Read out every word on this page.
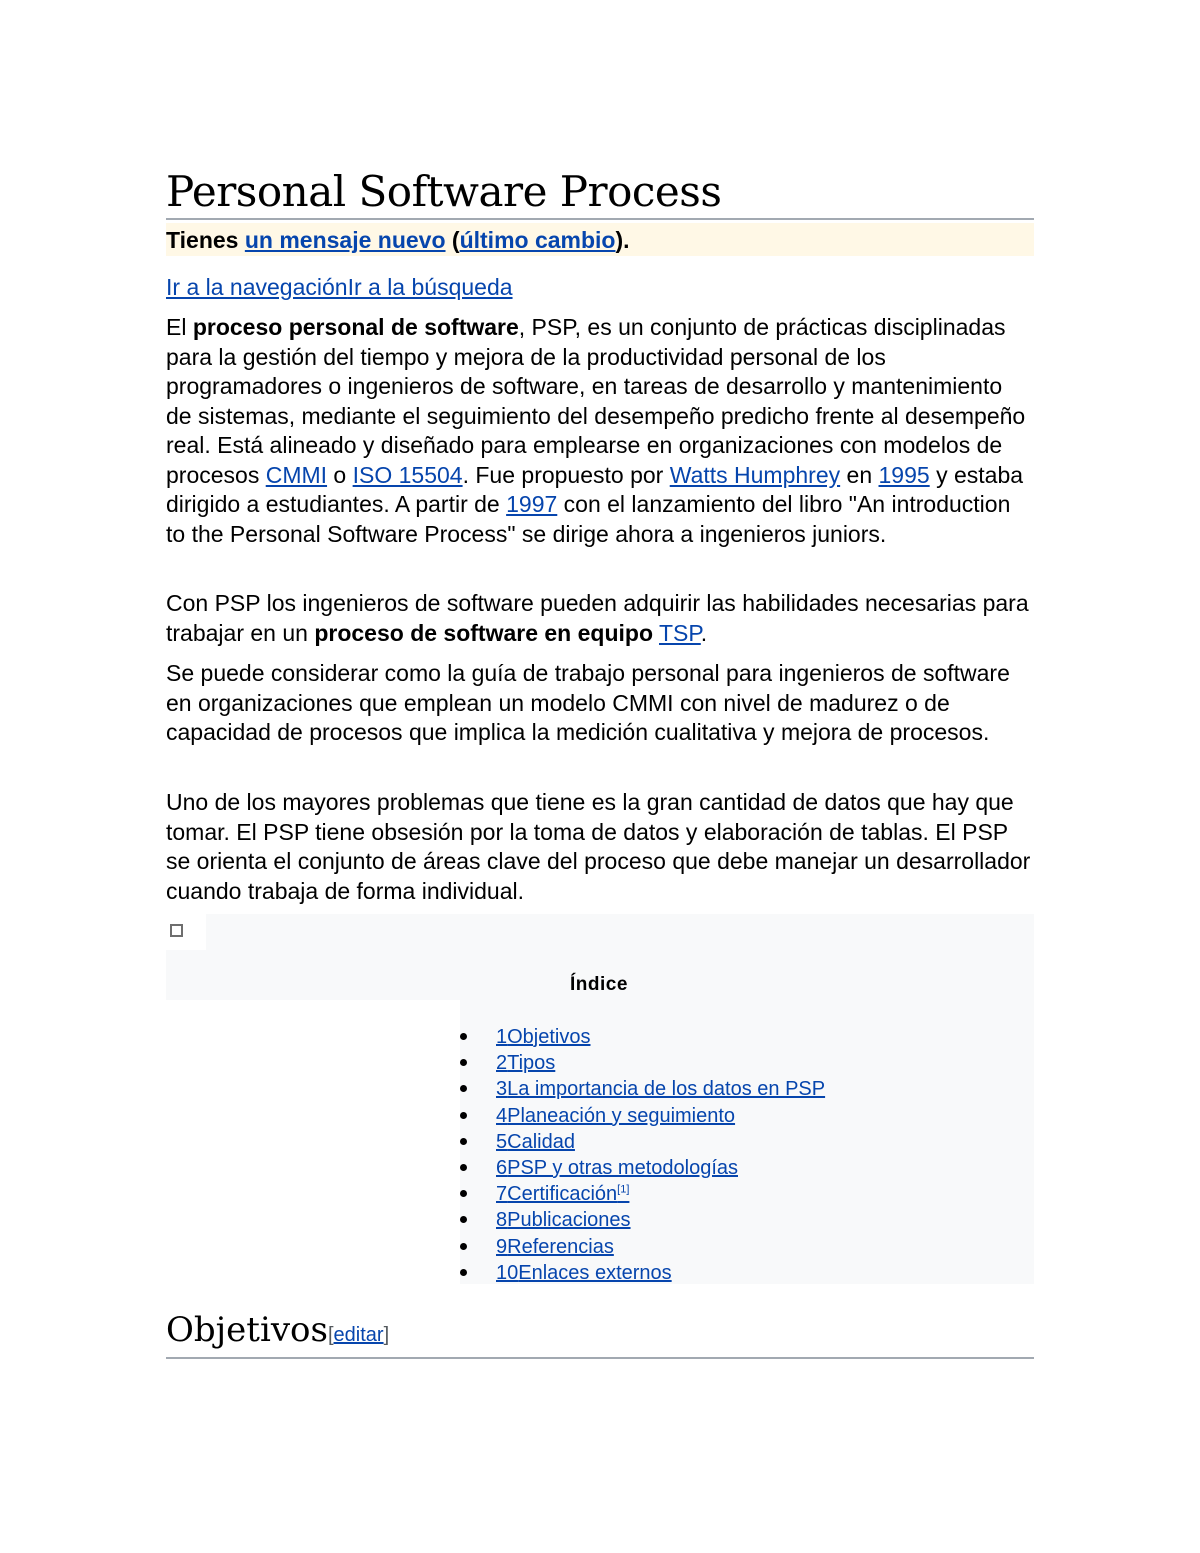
Personal Software Process
Tienes un mensaje nuevo (último cambio).
Ir a la navegaciónIr a la búsqueda

El proceso personal de software, PSP, es un conjunto de prácticas disciplinadas para la gestión del tiempo y mejora de la productividad personal de los programadores o ingenieros de software, en tareas de desarrollo y mantenimiento de sistemas, mediante el seguimiento del desempeño predicho frente al desempeño real. Está alineado y diseñado para emplearse en organizaciones con modelos de procesos CMMI o ISO 15504. Fue propuesto por Watts Humphrey en 1995 y estaba dirigido a estudiantes. A partir de 1997 con el lanzamiento del libro "An introduction to the Personal Software Process" se dirige ahora a ingenieros juniors.

Con PSP los ingenieros de software pueden adquirir las habilidades necesarias para trabajar en un proceso de software en equipo TSP.

Se puede considerar como la guía de trabajo personal para ingenieros de software en organizaciones que emplean un modelo CMMI con nivel de madurez o de capacidad de procesos que implica la medición cualitativa y mejora de procesos.

Uno de los mayores problemas que tiene es la gran cantidad de datos que hay que tomar. El PSP tiene obsesión por la toma de datos y elaboración de tablas. El PSP se orienta el conjunto de áreas clave del proceso que debe manejar un desarrollador cuando trabaja de forma individual.

Índice
1Objetivos
2Tipos
3La importancia de los datos en PSP
4Planeación y seguimiento
5Calidad
6PSP y otras metodologías
7Certificación[1]
8Publicaciones
9Referencias
10Enlaces externos
Objetivos[editar]
